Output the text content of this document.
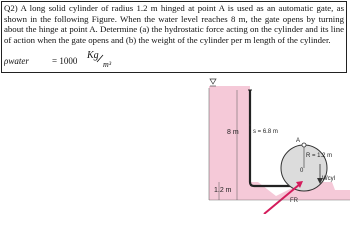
Q2) A long solid cylinder of radius 1.2 m hinged at point A is used as an automatic gate, as shown in the following Figure. When the water level reaches 8 m, the gate opens by turning about the hinge at point A. Determine (a) the hydrostatic force acting on the cylinder and its line of action when the gate opens and (b) the weight of the cylinder per m length of the cylinder.

ρwater	= 1000 Kg
m³
s = 6.8 m
8 m
1.2 m
A
R = 1.2 m
0
Wcyl
FR
